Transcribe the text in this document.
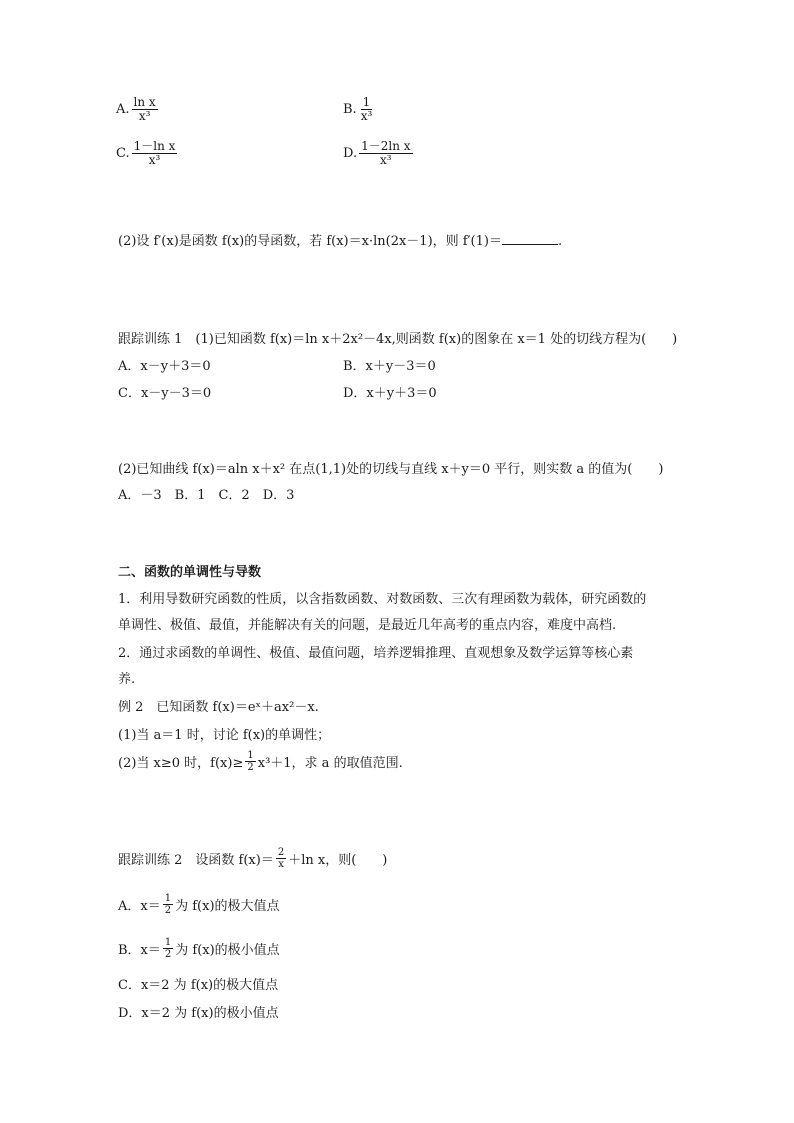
A. $\frac{\text{ln x}}{\text{x³}}$	B. $\frac{1}{\text{x³}}$
C. $\frac{\text{1－ln x}}{\text{x³}}$	D. $\frac{\text{1－2ln x}}{\text{x³}}$
(2)设 f′(x)是函数 f(x)的导函数，若 f(x)＝x·ln(2x－1)，则 f′(1)＝	.
跟踪训练 1　(1)已知函数 f(x)＝ln x＋2x²－4x,则函数 f(x)的图象在 x＝1 处的切线方程为(　　)
A．x－y＋3＝0	B．x＋y－3＝0
C．x－y－3＝0	D．x＋y＋3＝0
(2)已知曲线 f(x)＝aln x＋x² 在点(1,1)处的切线与直线 x＋y＝0 平行，则实数 a 的值为(　　)
A．－3　B．1　C．2　D．3
二、函数的单调性与导数
1．利用导数研究函数的性质，以含指数函数、对数函数、三次有理函数为载体，研究函数的
单调性、极值、最值，并能解决有关的问题，是最近几年高考的重点内容，难度中高档.
2．通过求函数的单调性、极值、最值问题，培养逻辑推理、直观想象及数学运算等核心素
养.
例 2　已知函数 f(x)＝eˣ＋ax²－x.
(1)当 a＝1 时，讨论 f(x)的单调性；
(2)当 x≥0 时，$f(x)\ge \frac{1}{2} x^3+1$，求 a 的取值范围.
跟踪训练 2　设函数 $f(x)= \frac{2}{x} +\ln$ x，则(　　)
A．$x= \frac{1}{2}$ 为 f(x)的极大值点
B．$x= \frac{1}{2}$ 为 f(x)的极小值点
C．x＝2 为 f(x)的极大值点
D．x＝2 为 f(x)的极小值点
